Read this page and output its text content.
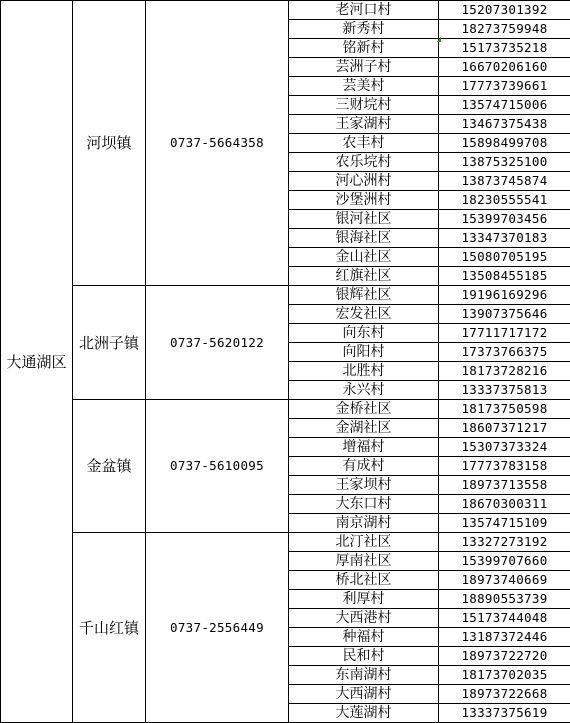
大通湖区	河坝镇	0737-5664358	老河口村	15207301392
			新秀村	18273759948
			铭新村	15173735218
			芸洲子村	16670206160
			芸美村	17773739661
			三财垸村	13574715006
			王家湖村	13467375438
			农丰村	15898499708
			农乐垸村	13875325100
			河心洲村	13873745874
			沙堡洲村	18230555541
			银河社区	15399703456
			银海社区	13347370183
			金山社区	15080705195
			红旗社区	13508455185
	北洲子镇	0737-5620122	银辉社区	19196169296
			宏发社区	13907375646
			向东村	17711717172
			向阳村	17373766375
			北胜村	18173728216
			永兴村	13337375813
	金盆镇	0737-5610095	金桥社区	18173750598
			金湖社区	18607371217
			增福村	15307373324
			有成村	17773783158
			王家坝村	18973713558
			大东口村	18670300311
			南京湖村	13574715109
	千山红镇	0737-2556449	北汀社区	13327273192
			厚南社区	15399707660
			桥北社区	18973740669
			利厚村	18890553739
			大西港村	15173744048
			种福村	13187372446
			民和村	18973722720
			东南湖村	18173702035
			大西湖村	18973722668
			大莲湖村	13337375619
